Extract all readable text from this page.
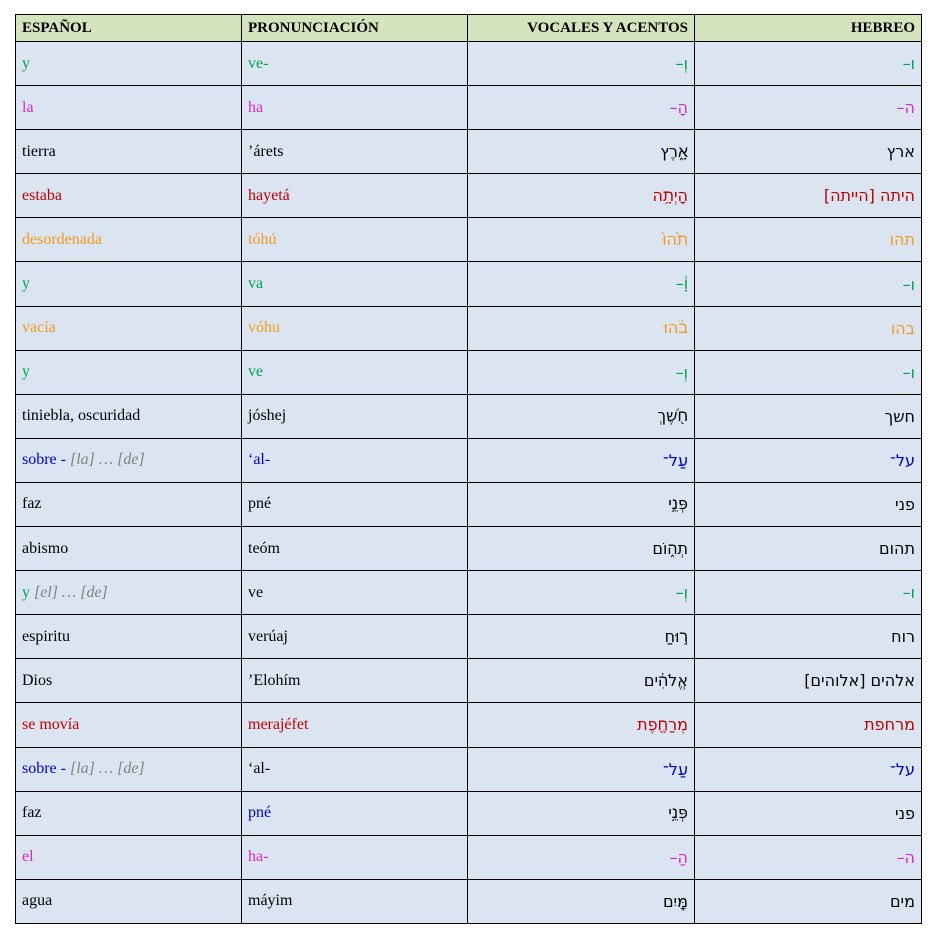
ESPAÑOL	PRONUNCIACIÓN	VOCALES Y ACENTOS	HEBREO
y	ve-	וְ–	ו–
la	ha	הָ–	ה–
tierra	’árets	אָ֑רֶץ	ארץ
estaba	hayetá	הָיְתָ֥ה	היתה [הייתה]
desordenada	tóhú	תֹ֙הוּ֙	תהו
y	va	וָ֔–	ו–
vacía	vóhu	בֹ֔הוּ	בהו
y	ve	וְ–	ו–
tiniebla, oscuridad	jóshej	חֹ֖שֶׁךְ	חשך
sobre - [la] … [de]	‘al-	עַל־	על־
faz	pné	פְּנֵ֣י	פני
abismo	teóm	תְה֑וֹם	תהום
y [el] … [de]	ve	וְ–	ו–
espiritu	verúaj	ר֣וּחַ	רוח
Dios	’Elohím	אֱלֹהִ֔ים	אלהים [אלוהים]
se movía	merajéfet	מְרַחֶ֖פֶת	מרחפת
sobre - [la] … [de]	‘al-	עַל־	על־
faz	pné	פְּנֵ֥י	פני
el	ha-	הַ–	ה–
agua	máyim	מָּֽיִם	מים
